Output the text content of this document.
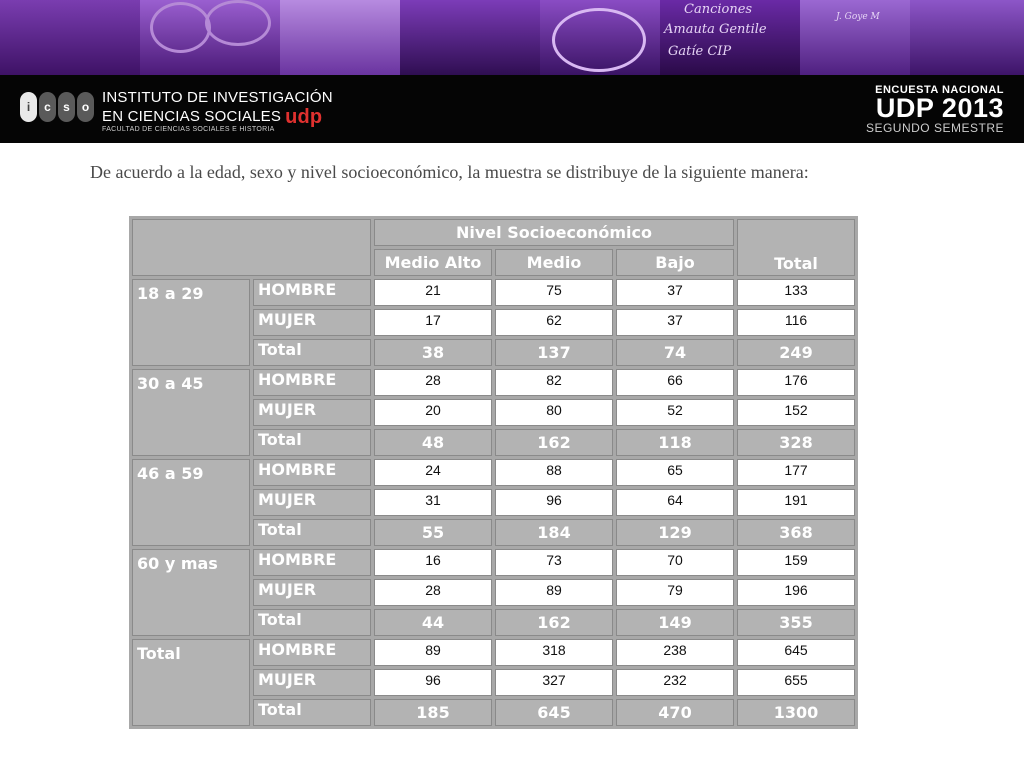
Canciones
Amauta Gentile
Gatíe CIP
J. Goye M
i	c	s o
INSTITUTO DE INVESTIGACIÓN
EN CIENCIAS SOCIALES udp
FACULTAD DE CIENCIAS SOCIALES E HISTORIA
ENCUESTA NACIONAL
UDP 2013
SEGUNDO SEMESTRE
De acuerdo a la edad, sexo y nivel socioeconómico, la muestra se distribuye de la siguiente manera:
		Nivel Socioeconómico			Total
		Medio Alto	Medio	Bajo	
18 a 29	HOMBRE	21	75	37	133
	MUJER	17	62	37	116
	Total	38	137	74	249
30 a 45	HOMBRE	28	82	66	176
	MUJER	20	80	52	152
	Total	48	162	118	328
46 a 59	HOMBRE	24	88	65	177
	MUJER	31	96	64	191
	Total	55	184	129	368
60 y mas	HOMBRE	16	73	70	159
	MUJER	28	89	79	196
	Total	44	162	149	355
Total	HOMBRE	89	318	238	645
	MUJER	96	327	232	655
	Total	185	645	470	1300
